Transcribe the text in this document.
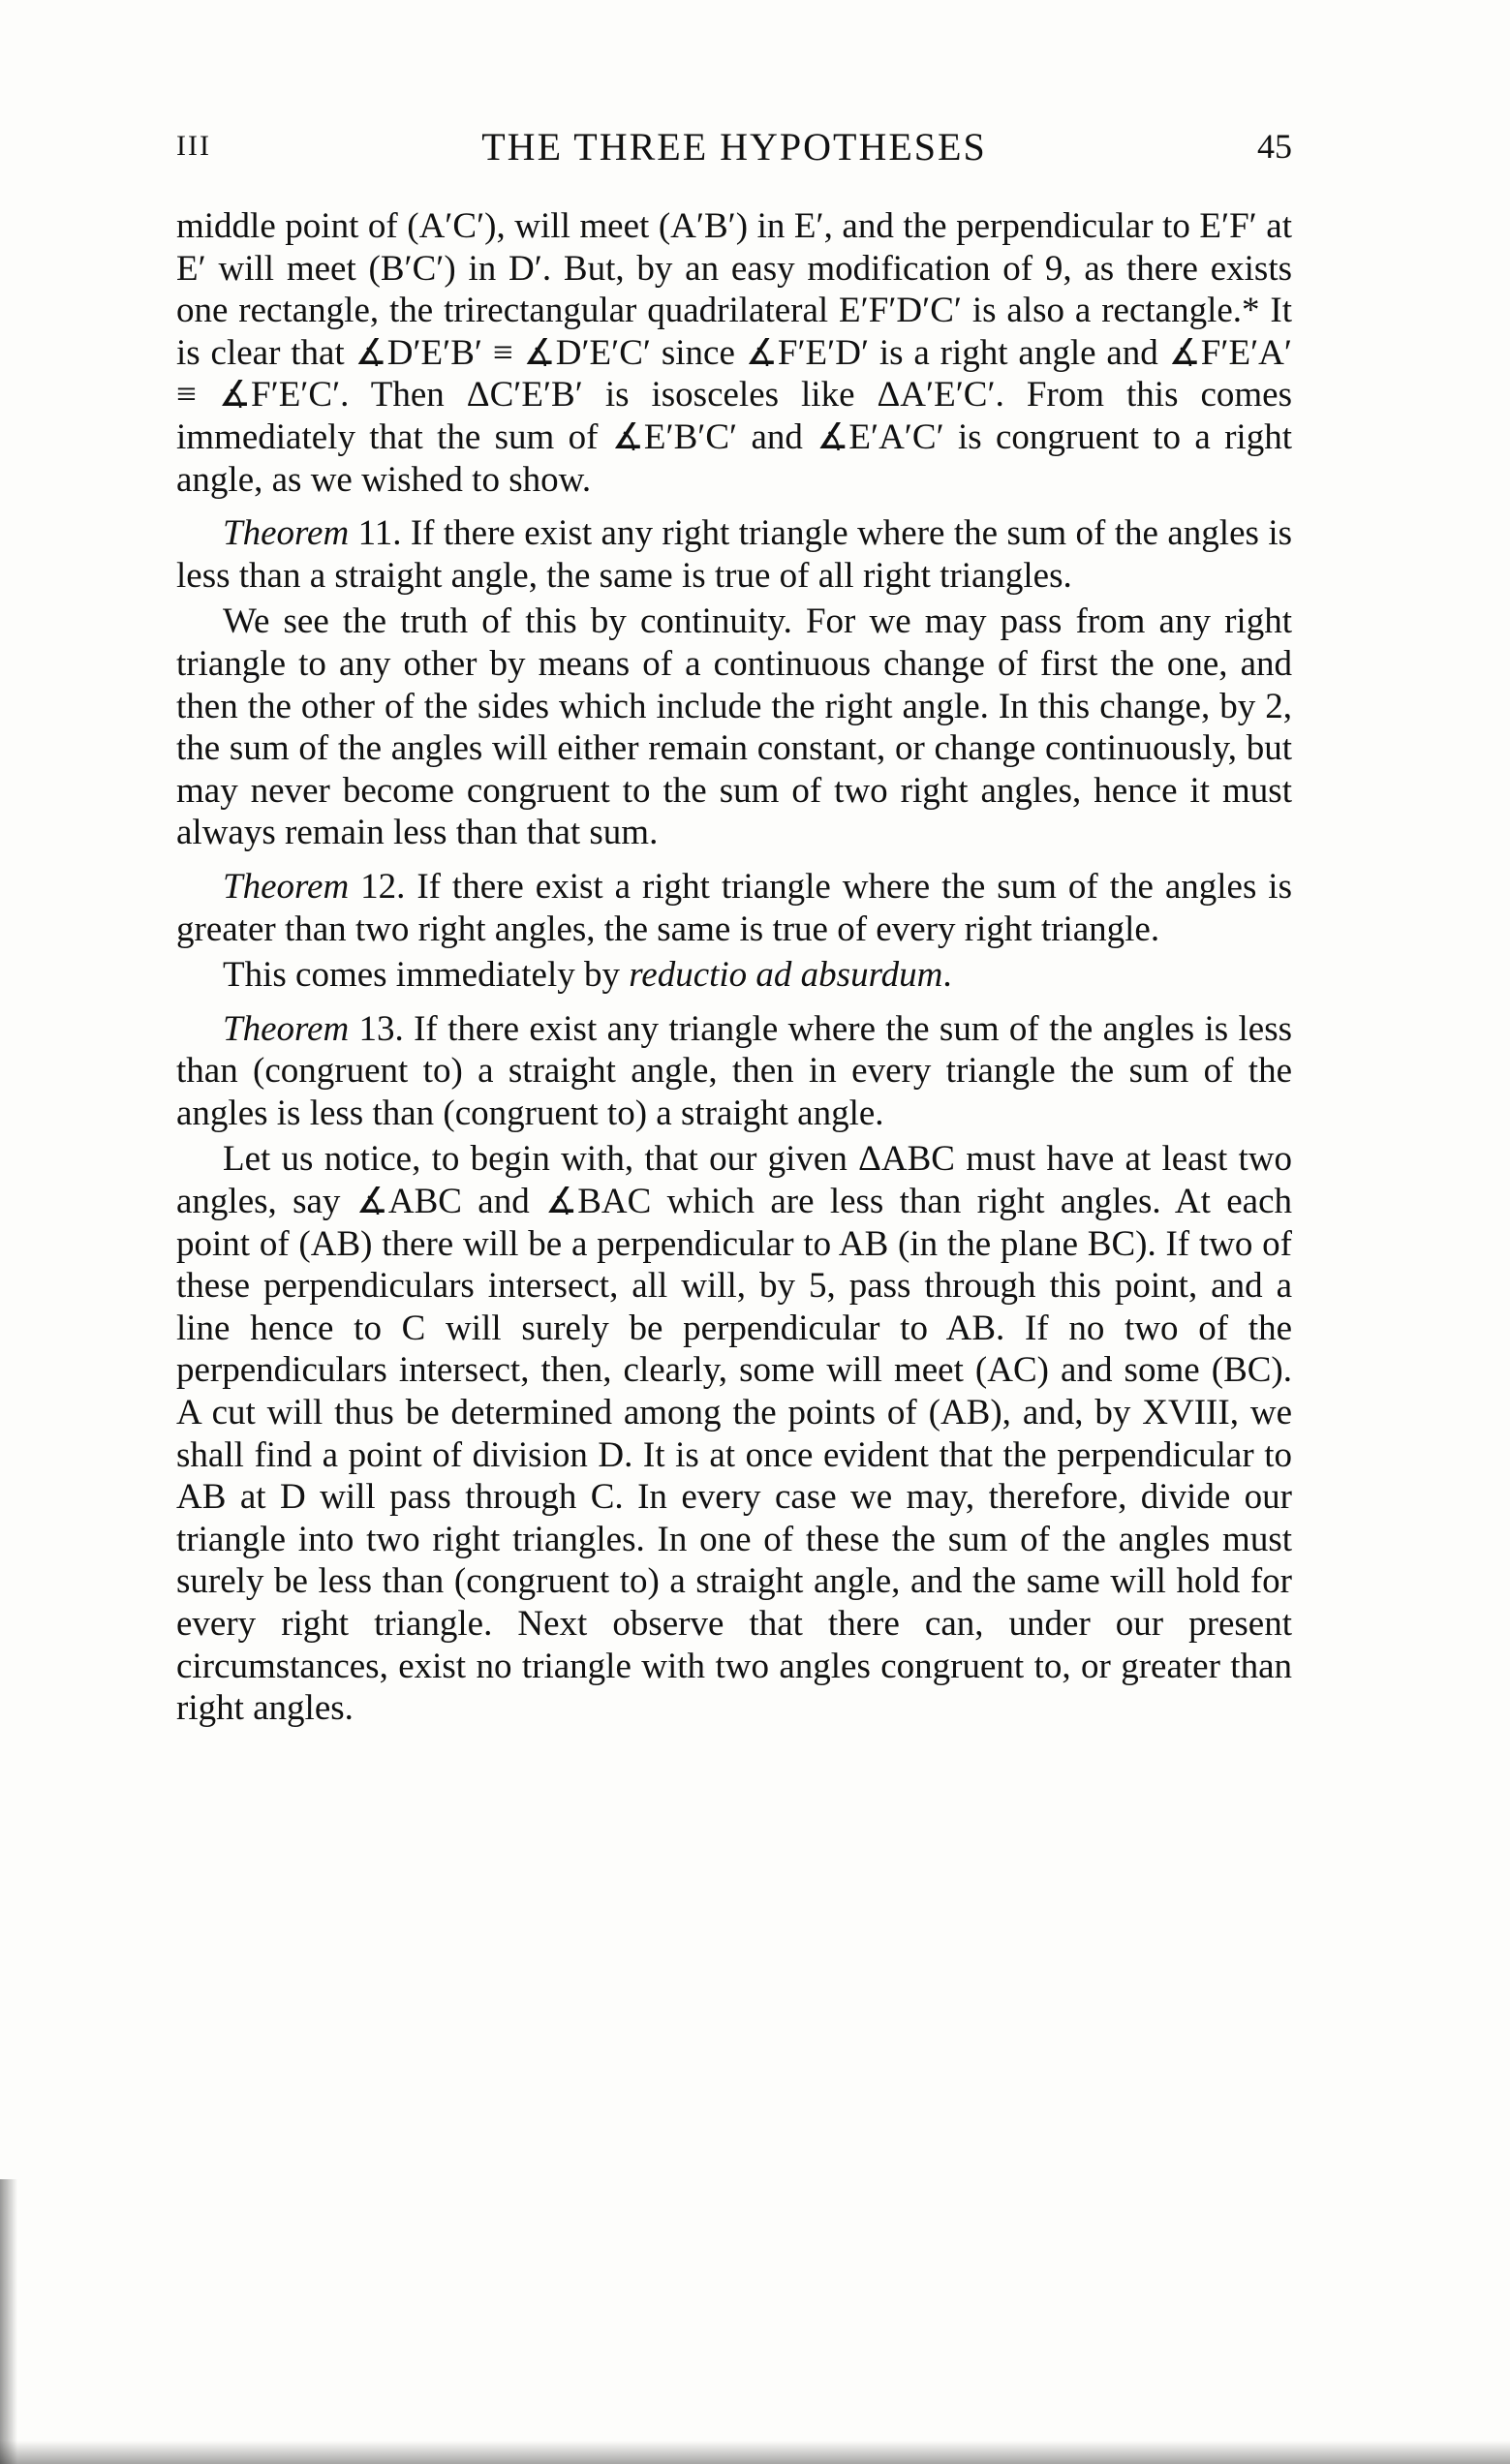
III	THE THREE HYPOTHESES	45

middle point of (A′C′), will meet (A′B′) in E′, and the perpendicular to E′F′ at E′ will meet (B′C′) in D′. But, by an easy modification of 9, as there exists one rectangle, the trirectangular quadrilateral E′F′D′C′ is also a rectangle.* It is clear that ∡D′E′B′ ≡ ∡D′E′C′ since ∡F′E′D′ is a right angle and ∡F′E′A′ ≡ ∡F′E′C′. Then ΔC′E′B′ is isosceles like ΔA′E′C′. From this comes immediately that the sum of ∡E′B′C′ and ∡E′A′C′ is congruent to a right angle, as we wished to show.

Theorem 11. If there exist any right triangle where the sum of the angles is less than a straight angle, the same is true of all right triangles.

We see the truth of this by continuity. For we may pass from any right triangle to any other by means of a continuous change of first the one, and then the other of the sides which include the right angle. In this change, by 2, the sum of the angles will either remain constant, or change continuously, but may never become congruent to the sum of two right angles, hence it must always remain less than that sum.

Theorem 12. If there exist a right triangle where the sum of the angles is greater than two right angles, the same is true of every right triangle.

This comes immediately by reductio ad absurdum.

Theorem 13. If there exist any triangle where the sum of the angles is less than (congruent to) a straight angle, then in every triangle the sum of the angles is less than (congruent to) a straight angle.

Let us notice, to begin with, that our given ΔABC must have at least two angles, say ∡ABC and ∡BAC which are less than right angles. At each point of (AB) there will be a perpendicular to AB (in the plane BC). If two of these perpendiculars intersect, all will, by 5, pass through this point, and a line hence to C will surely be perpendicular to AB. If no two of the perpendiculars intersect, then, clearly, some will meet (AC) and some (BC). A cut will thus be determined among the points of (AB), and, by XVIII, we shall find a point of division D. It is at once evident that the perpendicular to AB at D will pass through C. In every case we may, therefore, divide our triangle into two right triangles. In one of these the sum of the angles must surely be less than (congruent to) a straight angle, and the same will hold for every right triangle. Next observe that there can, under our present circumstances, exist no triangle with two angles congruent to, or greater than right angles.
